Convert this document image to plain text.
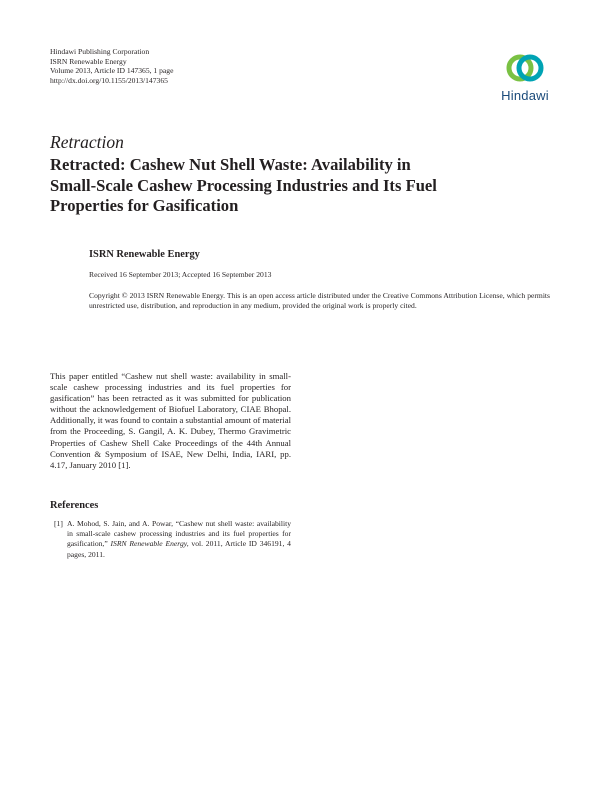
Hindawi Publishing Corporation
ISRN Renewable Energy
Volume 2013, Article ID 147365, 1 page
http://dx.doi.org/10.1155/2013/147365
Hindawi
Retraction
Retracted: Cashew Nut Shell Waste: Availability in
Small-Scale Cashew Processing Industries and Its Fuel
Properties for Gasification
ISRN Renewable Energy
Received 16 September 2013; Accepted 16 September 2013
Copyright © 2013 ISRN Renewable Energy. This is an open access article distributed under the Creative Commons Attribution License, which permits unrestricted use, distribution, and reproduction in any medium, provided the original work is properly cited.
This paper entitled “Cashew nut shell waste: availability in small-scale cashew processing industries and its fuel properties for gasification” has been retracted as it was submitted for publication without the acknowledgement of Biofuel Laboratory, CIAE Bhopal. Additionally, it was found to contain a substantial amount of material from the Proceeding, S. Gangil, A. K. Dubey, Thermo Gravimetric Properties of Cashew Shell Cake Proceedings of the 44th Annual Convention & Symposium of ISAE, New Delhi, India, IARI, pp. 4.17, January 2010 [1].
References
[1] A. Mohod, S. Jain, and A. Powar, “Cashew nut shell waste: availability in small-scale cashew processing industries and its fuel properties for gasification,” ISRN Renewable Energy, vol. 2011, Article ID 346191, 4 pages, 2011.
